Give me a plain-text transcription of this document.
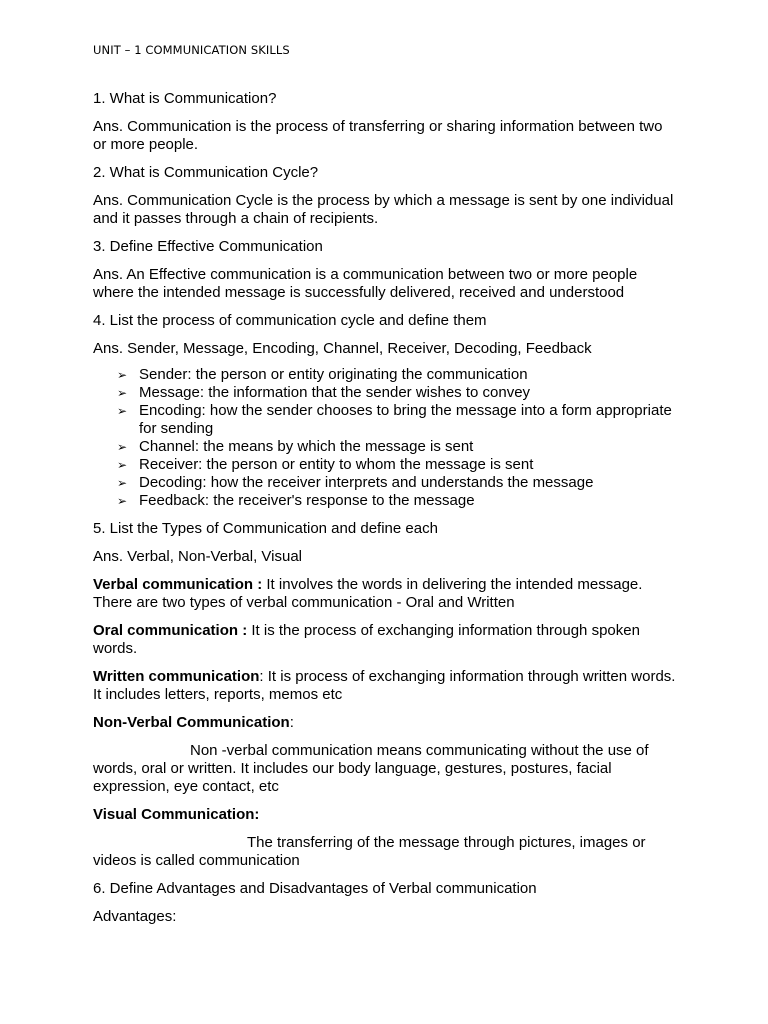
UNIT – 1 COMMUNICATION SKILLS

1. What is Communication?

Ans. Communication is the process of transferring or sharing information between two or more people.

2. What is Communication Cycle?

Ans. Communication Cycle is the process by which a message is sent by one individual and it passes through a chain of recipients.

3. Define Effective Communication

Ans. An Effective communication is a communication between two or more people where the intended message is successfully delivered, received and understood

4. List the process of communication cycle and define them

Ans. Sender, Message, Encoding, Channel, Receiver, Decoding, Feedback

➢ Sender: the person or entity originating the communication
➢ Message: the information that the sender wishes to convey
➢ Encoding: how the sender chooses to bring the message into a form appropriate for sending
➢ Channel: the means by which the message is sent
➢ Receiver: the person or entity to whom the message is sent
➢ Decoding: how the receiver interprets and understands the message
➢ Feedback: the receiver's response to the message

5. List the Types of Communication and define each

Ans. Verbal, Non-Verbal, Visual

Verbal communication : It involves the words in delivering the intended message. There are two types of verbal communication - Oral and Written

Oral communication : It is the process of exchanging information through spoken words.

Written communication: It is process of exchanging information through written words. It includes letters, reports, memos etc

Non-Verbal Communication:

Non -verbal communication means communicating without the use of words, oral or written. It includes our body language, gestures, postures, facial expression, eye contact, etc

Visual Communication:

The transferring of the message through pictures, images or videos is called communication

6. Define Advantages and Disadvantages of Verbal communication

Advantages:
